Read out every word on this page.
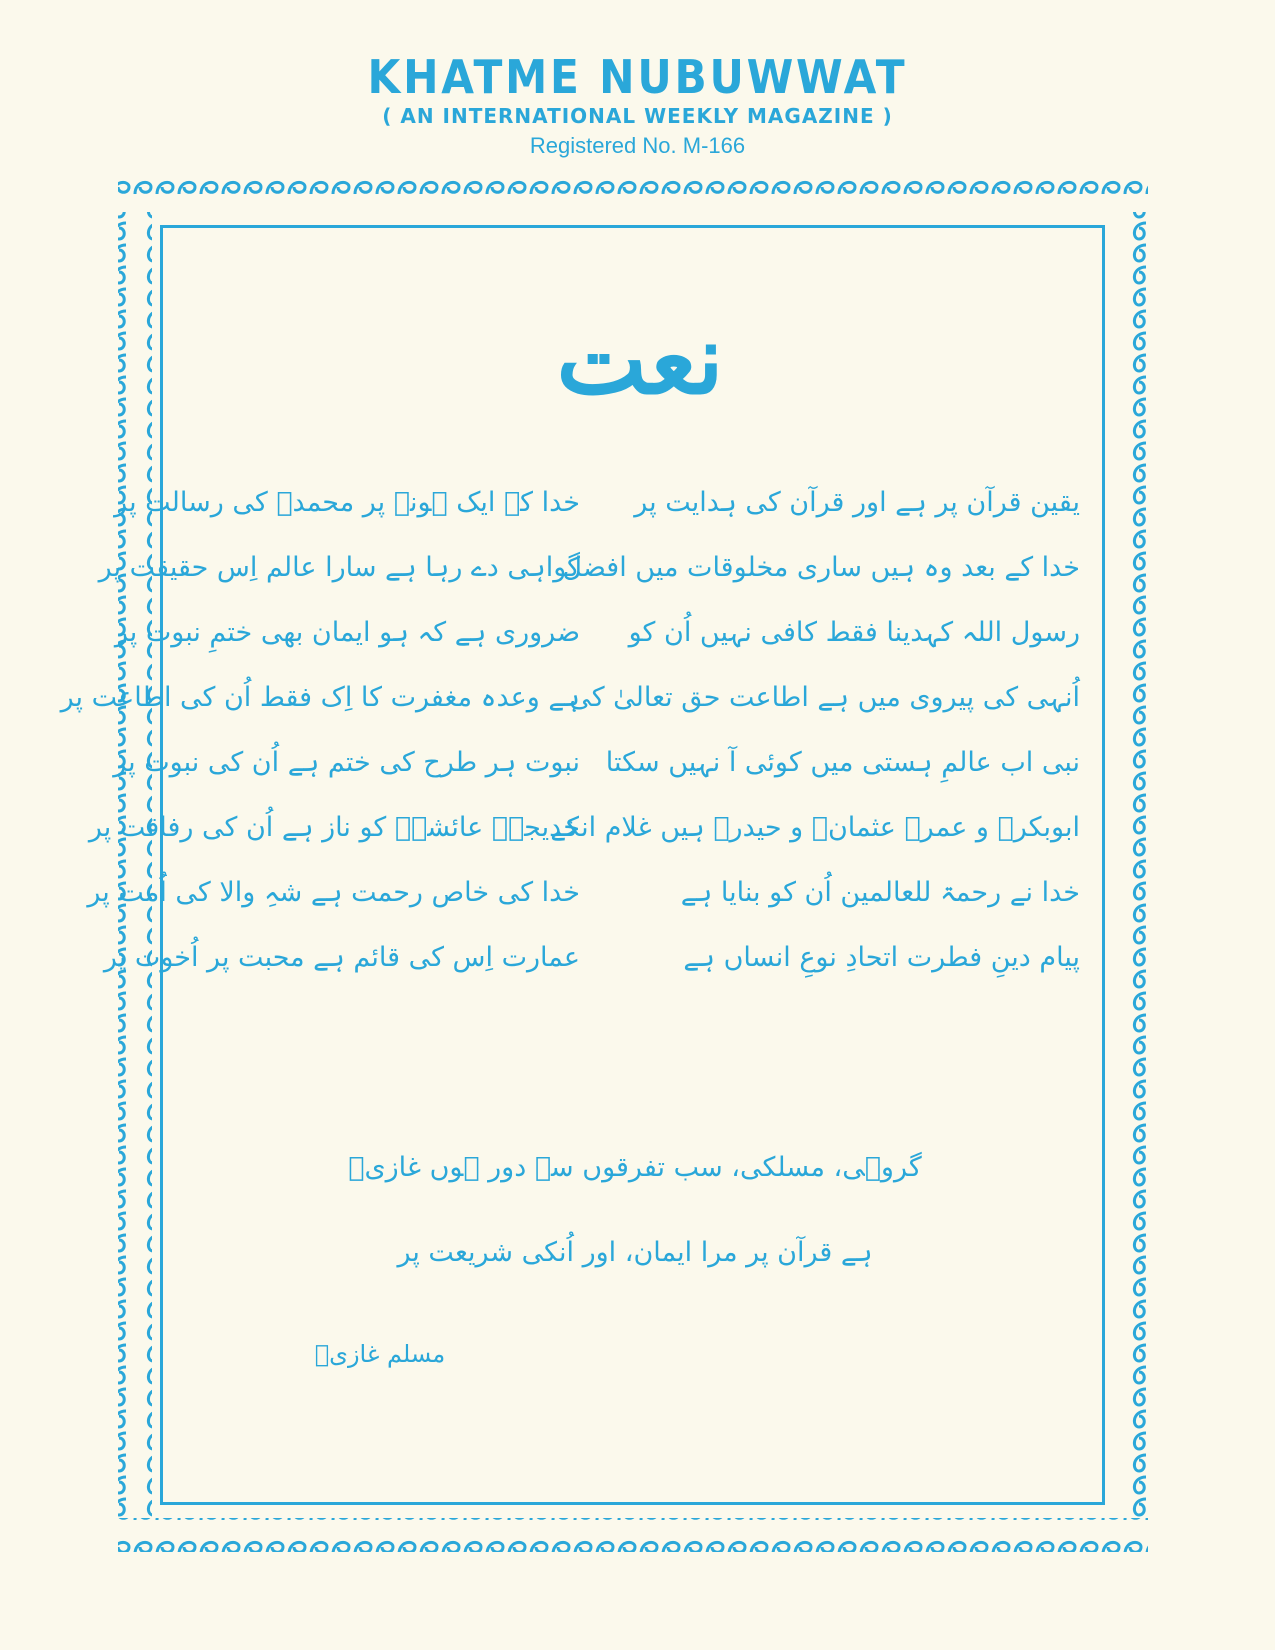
KHATME NUBUWWAT
( AN INTERNATIONAL WEEKLY MAGAZINE )
Registered No. M-166
نعت
یقین قرآن پر ہے اور قرآن کی ہدایت پر
خدا کے بعد وہ ہیں ساری مخلوقات میں افضل
رسول اللہ کہدینا فقط کافی نہیں اُن کو
اُنہی کی پیروی میں ہے اطاعت حق تعالیٰ کی
نبی اب عالمِ ہستی میں کوئی آ نہیں سکتا
ابوبکرؓ و عمرؓ عثمانؓ و حیدرؓ ہیں غلام انکے
خدا نے رحمۃ للعالمین اُن کو بنایا ہے
پیام دینِ فطرت اتحادِ نوعِ انساں ہے
خدا کے ایک ہونے پر محمدؐ کی رسالت پر
گواہی دے رہا ہے سارا عالم اِس حقیقت پر
ضروری ہے کہ ہو ایمان بھی ختمِ نبوت پر
ہے وعدہ مغفرت کا اِک فقط اُن کی اطاعت پر
نبوت ہر طرح کی ختم ہے اُن کی نبوت پر
خدیجہؓ عائشہؓ کو ناز ہے اُن کی رفاقت پر
خدا کی خاص رحمت ہے شہِ والا کی اُمت پر
عمارت اِس کی قائم ہے محبت پر اُخوت پر
گروہی، مسلکی، سب تفرقوں سے دور ہوں غازیؔ
ہے قرآن پر مرا ایمان، اور اُنکی شریعت پر
مسلم غازیؔ
